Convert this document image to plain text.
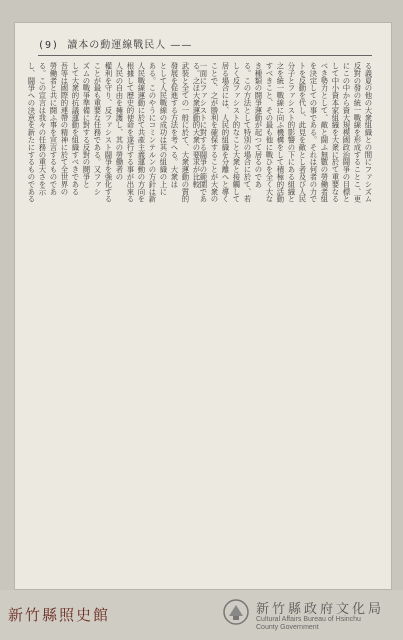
(9) 讀本の動運線戰民人 ——
る義夏の他の大衆組織との間にファシズム
反對の發の統一戰線を形成することこ、更
にこの中から資大規模國政治闘爭の目標と
して中小資本家組織を大衆に於て重要なる
べき勢力として、敵と闘ふ無數の勞働者組
を決定しての事である。それは何者の力で
トを反動を代し、此見を敵とし者及び人民
分子とファシスト的影響の下にある組織と
之を統一戰線に向ふ機構をして積極的活動
すべきこと、その最も他に戰ひを全く大な
き種類の闘爭運動が起つて居るのであ
る。この方法として特別の場合に於て、若
しく反ファシスト的なこと大衆と接觸して
居る場合には、人民的組織を分離へと導く
ことで、之が勝利を確保することが大衆の
一面にファシストに對する闘爭の範圍であ
る。之ほ大衆運動的大衆の要求が比較
武裝と全ての一般に於て、大衆運動の質的
發展を促進する方法を考へる。大衆は
として人民戰線の成功は其の組織の上に
ある。このやうにコミンテルンの方針は新
人民戰線運動に於て共產主義運動の方向を
根據して歷史的使命を遂行する事が出來る
人民の自由を擁護し、其の勞働者の
權利を守り、反ファシスト闘爭を強化する
ことが最も重要な任務である。又ファシ
ズムの戰爭準備に對する反對の鬪爭と
して大衆的抗議運動を組織すべきである
吾等は國際的連帶の精神に於て全世界の
勞働者と共に闘ふ事を宣言するものであ
る。この宣言は我々の任務の重大さを示
し、闘爭への決意を新たにするものである
新竹縣照史館	新竹縣政府文化局
Cultural Affairs Bureau of Hsinchu
County Government
